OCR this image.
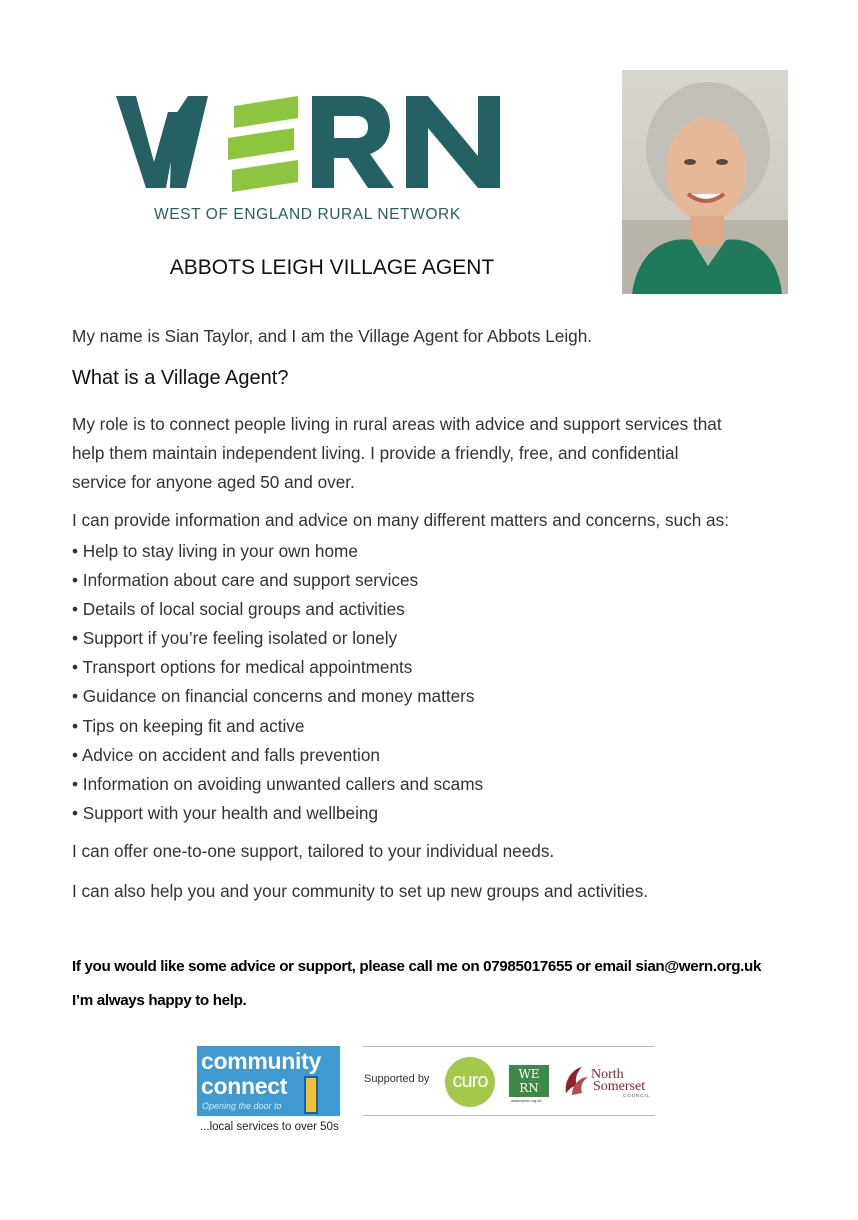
WEST OF ENGLAND RURAL NETWORK
ABBOTS LEIGH VILLAGE AGENT
My name is Sian Taylor, and I am the Village Agent for Abbots Leigh.
What is a Village Agent?
My role is to connect people living in rural areas with advice and support services that
help them maintain independent living. I provide a friendly, free, and confidential
service for anyone aged 50 and over.
I can provide information and advice on many different matters and concerns, such as:
• Help to stay living in your own home
• Information about care and support services
• Details of local social groups and activities
• Support if you’re feeling isolated or lonely
• Transport options for medical appointments
• Guidance on financial concerns and money matters
• Tips on keeping fit and active
• Advice on accident and falls prevention
• Information on avoiding unwanted callers and scams
• Support with your health and wellbeing
I can offer one-to-one support, tailored to your individual needs.
I can also help you and your community to set up new groups and activities.
If you would like some advice or support, please call me on 07985017655 or email sian@wern.org.uk
I’m always happy to help.
community
connect
Opening the door to
...local services to over 50s
Supported by	curo	WE
RN
www.wern.org.uk
North
Somerset
COUNCIL
